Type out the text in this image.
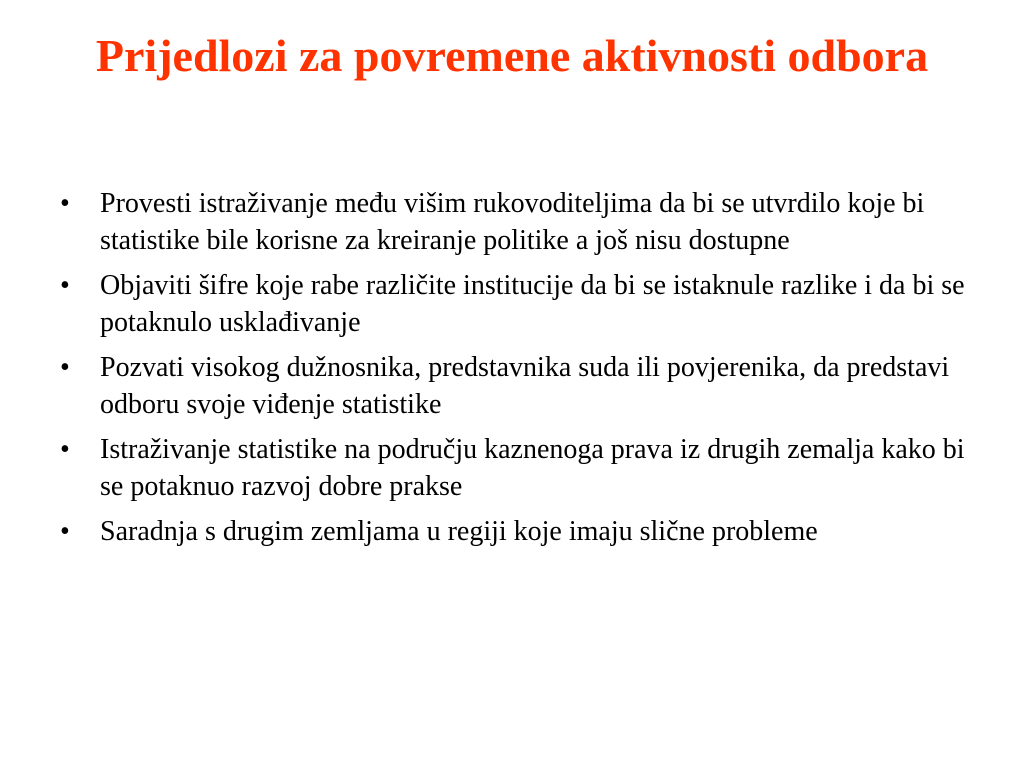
Prijedlozi za povremene aktivnosti odbora
• Provesti istraživanje među višim rukovoditeljima da bi se utvrdilo koje bi statistike bile korisne za kreiranje politike a još nisu dostupne
• Objaviti šifre koje rabe različite institucije da bi se istaknule razlike i da bi se potaknulo usklađivanje
• Pozvati visokog dužnosnika, predstavnika suda ili povjerenika, da predstavi odboru svoje viđenje statistike
• Istraživanje statistike na području kaznenoga prava iz drugih zemalja kako bi se potaknuo razvoj dobre prakse
• Saradnja s drugim zemljama u regiji koje imaju slične probleme
